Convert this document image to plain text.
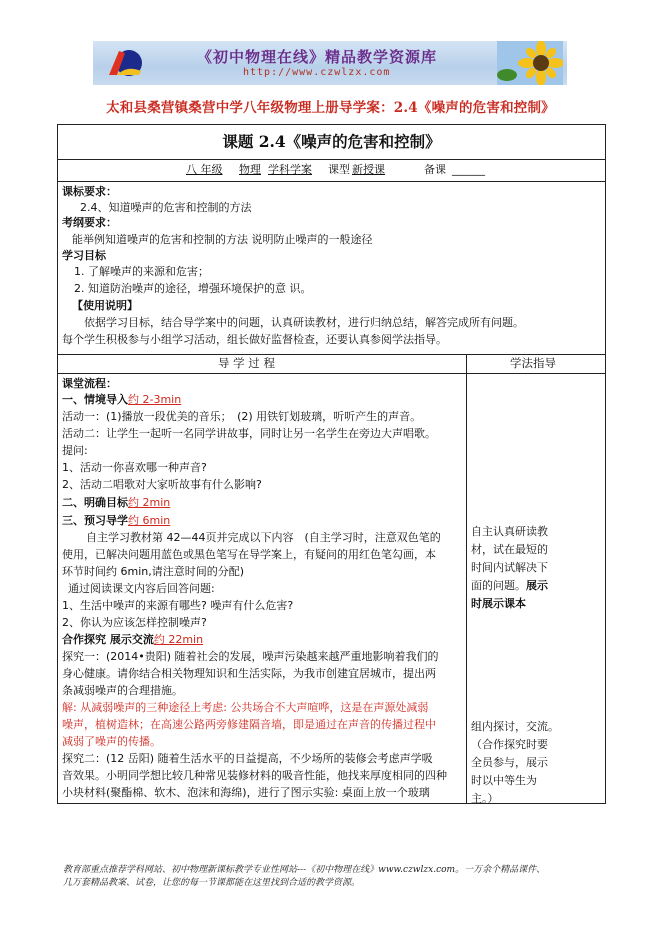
《初中物理在线》精品教学资源库
http://www.czwlzx.com
太和县桑营镇桑营中学八年级物理上册导学案：2.4《噪声的危害和控制》
课题 2.4《噪声的危害和控制》
八 年级 物理 学科学案 课型 新授课	备课 ______
课标要求：
2.4、知道噪声的危害和控制的方法
考纲要求：
能举例知道噪声的危害和控制的方法 说明防止噪声的一般途径
学习目标
1. 了解噪声的来源和危害；
2. 知道防治噪声的途径，增强环境保护的意 识。
【使用说明】
依据学习目标，结合导学案中的问题，认真研读教材，进行归纳总结，解答完成所有问题。
每个学生积极参与小组学习活动，组长做好监督检查，还要认真参阅学法指导。
导 学 过 程	学法指导
课堂流程：
一、情境导入约 2-3min
活动一：(1)播放一段优美的音乐；　(2) 用铁钉划玻璃，听听产生的声音。
活动二：让学生一起听一名同学讲故事，同时让另一名学生在旁边大声唱歌。
提问:
1、活动一你喜欢哪一种声音?
2、活动二唱歌对大家听故事有什么影响?
二、明确目标约 2min
三、预习导学约 6min
自主学习教材第 42—44页并完成以下内容　(自主学习时，注意双色笔的
使用，已解决问题用蓝色或黑色笔写在导学案上，有疑问的用红色笔勾画，本
环节时间约 6min,请注意时间的分配)
通过阅读课文内容后回答问题:
1、生活中噪声的来源有哪些? 噪声有什么危害?
2、你认为应该怎样控制噪声?
合作探究 展示交流约 22min
探究一：(2014•贵阳) 随着社会的发展，噪声污染越来越严重地影响着我们的
身心健康。请你结合相关物理知识和生活实际，为我市创建宜居城市，提出两
条减弱噪声的合理措施。
解: 从减弱噪声的三种途径上考虑: 公共场合不大声喧哗，这是在声源处减弱
噪声，植树造林；在高速公路两旁修建隔音墙，即是通过在声音的传播过程中
减弱了噪声的传播。
探究二：(12 岳阳) 随着生活水平的日益提高，不少场所的装修会考虑声学吸
音效果。小明同学想比较几种常见装修材料的吸音性能，他找来厚度相同的四种
小块材料(聚酯棉、软木、泡沫和海绵)，进行了图示实验: 桌面上放一个玻璃
自主认真研读教
材，试在最短的
时间内试解决下
面的问题。展示
时展示课本
组内探讨，交流。
（合作探究时要
全员参与，展示
时以中等生为
主。）
教育部重点推荐学科网站、初中物理新课标教学专业性网站---《初中物理在线》www.czwlzx.com。一万余个精品课件、
几万套精品教案、试卷，让您的每一节课都能在这里找到合适的教学资源。
